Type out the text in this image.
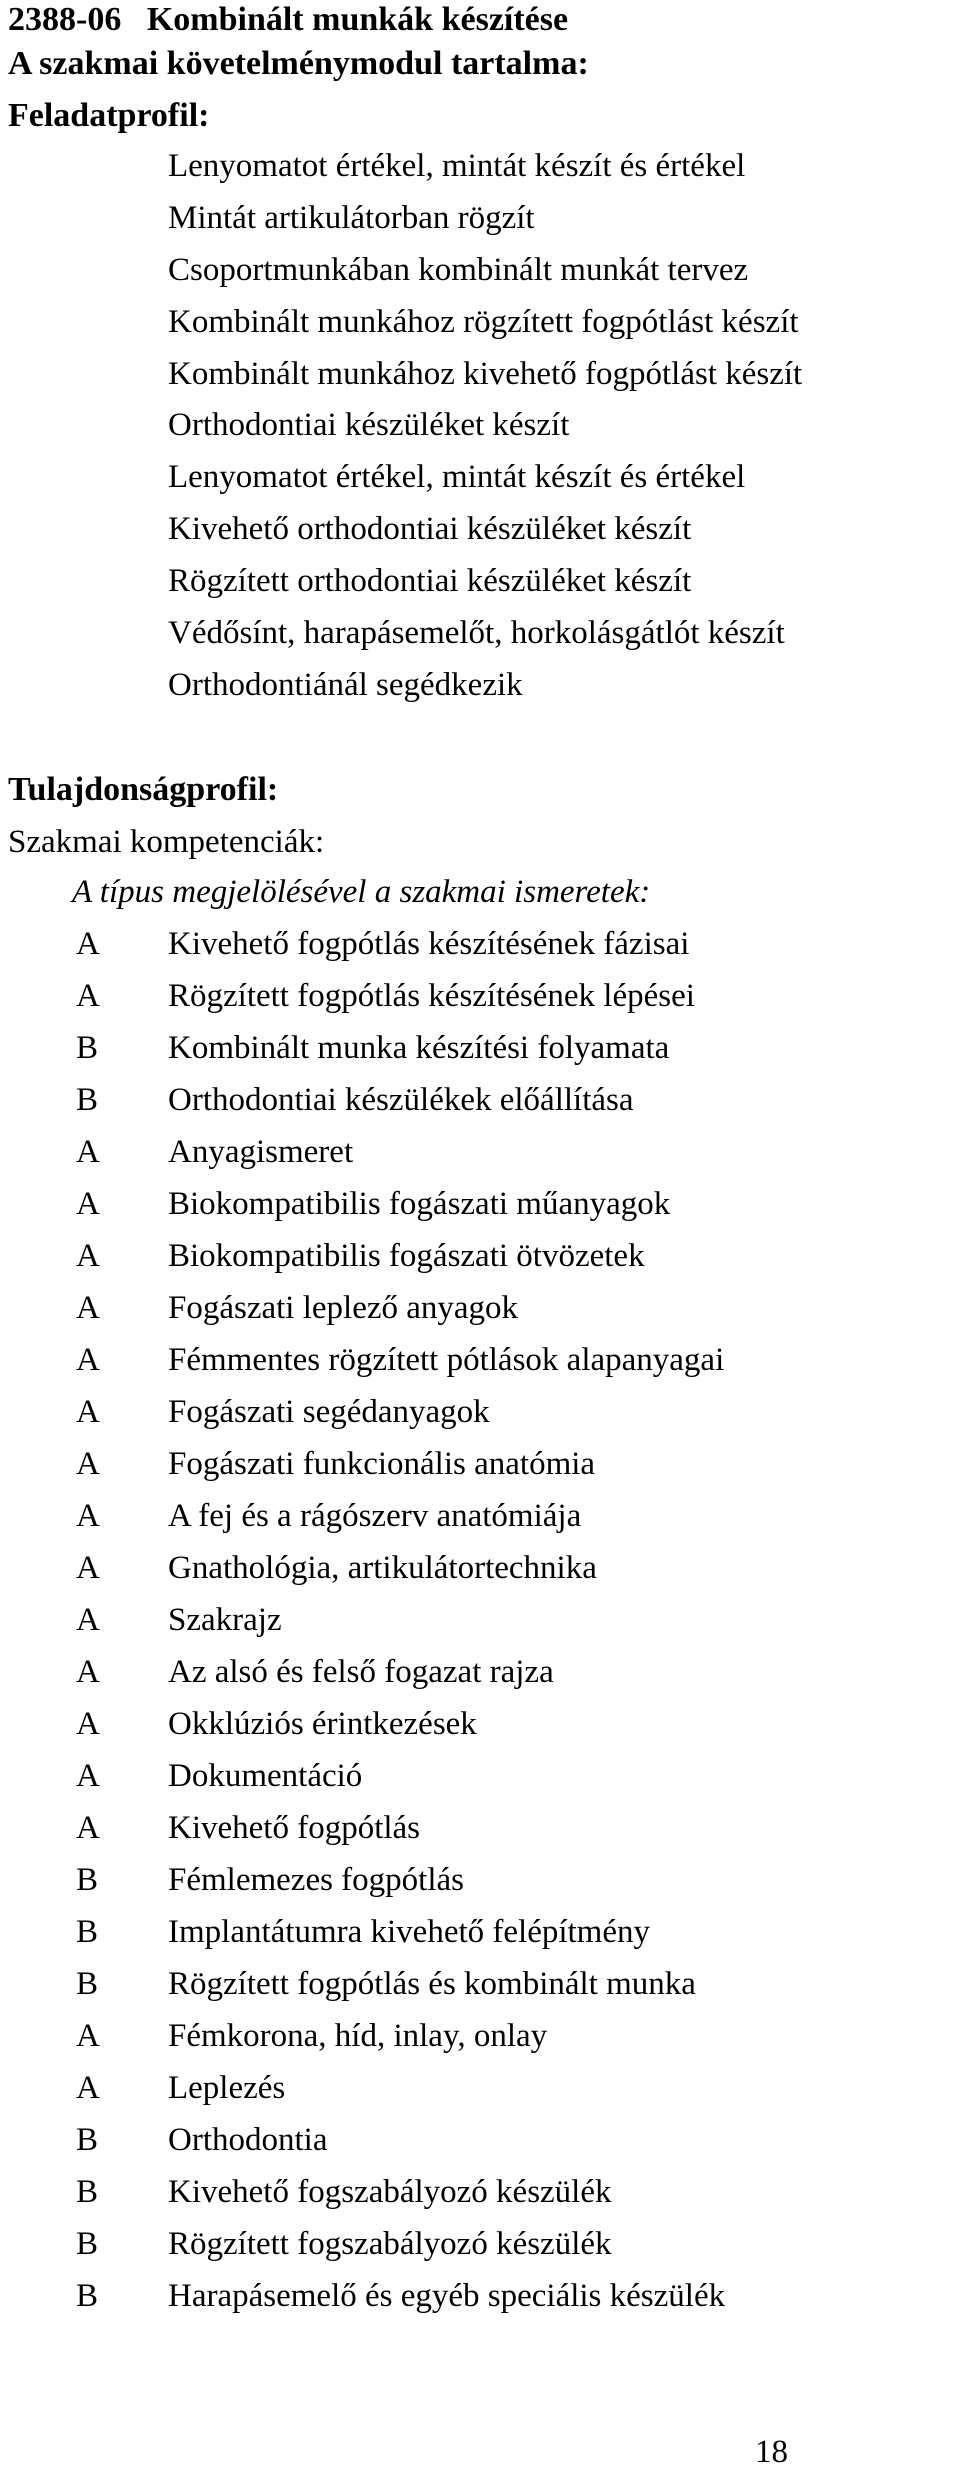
2388-06 Kombinált munkák készítése
A szakmai követelménymodul tartalma:
Feladatprofil:
Lenyomatot értékel, mintát készít és értékel
Mintát artikulátorban rögzít
Csoportmunkában kombinált munkát tervez
Kombinált munkához rögzített fogpótlást készít
Kombinált munkához kivehető fogpótlást készít
Orthodontiai készüléket készít
Lenyomatot értékel, mintát készít és értékel
Kivehető orthodontiai készüléket készít
Rögzített orthodontiai készüléket készít
Védősínt, harapásemelőt, horkolásgátlót készít
Orthodontiánál segédkezik
Tulajdonságprofil:
Szakmai kompetenciák:
A típus megjelölésével a szakmai ismeretek:
A Kivehető fogpótlás készítésének fázisai
A Rögzített fogpótlás készítésének lépései
B Kombinált munka készítési folyamata
B Orthodontiai készülékek előállítása
A Anyagismeret
A Biokompatibilis fogászati műanyagok
A Biokompatibilis fogászati ötvözetek
A Fogászati leplező anyagok
A Fémmentes rögzített pótlások alapanyagai
A Fogászati segédanyagok
A Fogászati funkcionális anatómia
A A fej és a rágószerv anatómiája
A Gnathológia, artikulátortechnika
A Szakrajz
A Az alsó és felső fogazat rajza
A Okklúziós érintkezések
A Dokumentáció
A Kivehető fogpótlás
B Fémlemezes fogpótlás
B Implantátumra kivehető felépítmény
B Rögzített fogpótlás és kombinált munka
A Fémkorona, híd, inlay, onlay
A Leplezés
B Orthodontia
B Kivehető fogszabályozó készülék
B Rögzített fogszabályozó készülék
B Harapásemelő és egyéb speciális készülék
18
